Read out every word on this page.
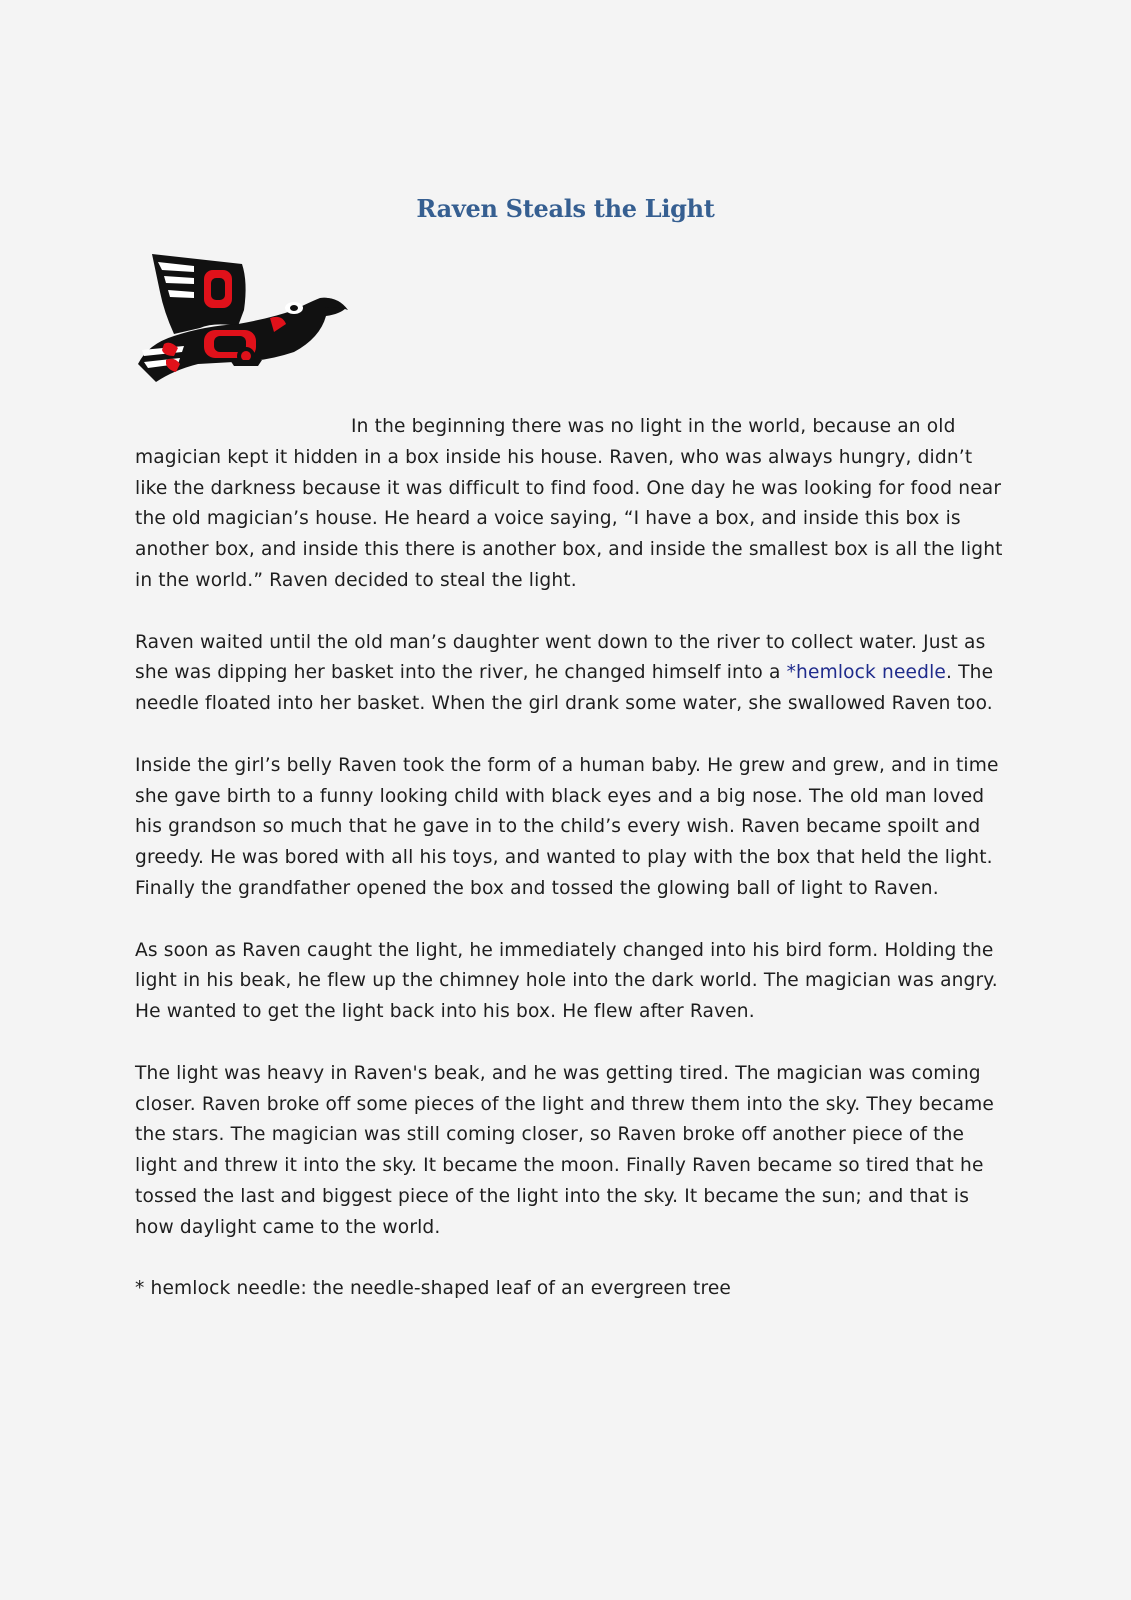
Raven Steals the Light

In the beginning there was no light in the world, because an old magician kept it hidden in a box inside his house. Raven, who was always hungry, didn’t like the darkness because it was difficult to find food. One day he was looking for food near the old magician’s house. He heard a voice saying, “I have a box, and inside this box is another box, and inside this there is another box, and inside the smallest box is all the light in the world.” Raven decided to steal the light.

Raven waited until the old man’s daughter went down to the river to collect water. Just as she was dipping her basket into the river, he changed himself into a *hemlock needle. The needle floated into her basket. When the girl drank some water, she swallowed Raven too.

Inside the girl’s belly Raven took the form of a human baby. He grew and grew, and in time she gave birth to a funny looking child with black eyes and a big nose. The old man loved his grandson so much that he gave in to the child’s every wish. Raven became spoilt and greedy. He was bored with all his toys, and wanted to play with the box that held the light. Finally the grandfather opened the box and tossed the glowing ball of light to Raven.

As soon as Raven caught the light, he immediately changed into his bird form. Holding the light in his beak, he flew up the chimney hole into the dark world. The magician was angry. He wanted to get the light back into his box. He flew after Raven.

The light was heavy in Raven's beak, and he was getting tired. The magician was coming closer. Raven broke off some pieces of the light and threw them into the sky. They became the stars. The magician was still coming closer, so Raven broke off another piece of the light and threw it into the sky. It became the moon. Finally Raven became so tired that he tossed the last and biggest piece of the light into the sky. It became the sun; and that is how daylight came to the world.

* hemlock needle: the needle-shaped leaf of an evergreen tree
